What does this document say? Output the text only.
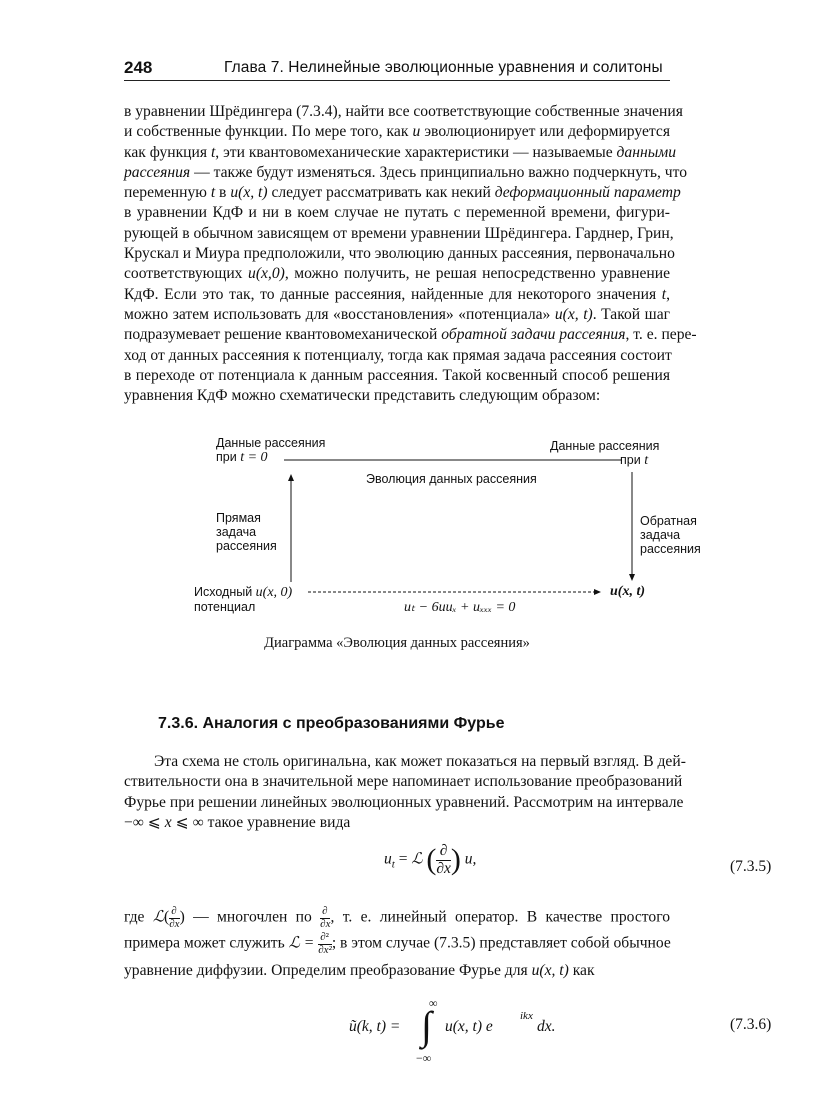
248	Глава 7. Нелинейные эволюционные уравнения и солитоны
в уравнении Шрёдингера (7.3.4), найти все соответствующие собственные значения
и собственные функции. По мере того, как u эволюционирует или деформируется
как функция t, эти квантовомеханические характеристики — называемые данными
рассеяния — также будут изменяться. Здесь принципиально важно подчеркнуть, что
переменную t в u(x, t) следует рассматривать как некий деформационный параметр
в уравнении КдФ и ни в коем случае не путать с переменной времени, фигури-
рующей в обычном зависящем от времени уравнении Шрёдингера. Гарднер, Грин,
Крускал и Миура предположили, что эволюцию данных рассеяния, первоначально
соответствующих u(x,0), можно получить, не решая непосредственно уравнение
КдФ. Если это так, то данные рассеяния, найденные для некоторого значения t,
можно затем использовать для «восстановления» «потенциала» u(x, t). Такой шаг
подразумевает решение квантовомеханической обратной задачи рассеяния, т. е. пере-
ход от данных рассеяния к потенциалу, тогда как прямая задача рассеяния состоит
в переходе от потенциала к данным рассеяния. Такой косвенный способ решения
уравнения КдФ можно схематически представить следующим образом:
Данные рассеяния
при t = 0
Данные рассеяния
при t
Эволюция данных рассеяния
Прямая
задача
рассеяния
Обратная
задача
рассеяния
Исходный u(x, 0)
потенциал
u(x, t)
uₜ − 6uuₓ + uₓₓₓ = 0
Диаграмма «Эволюция данных рассеяния»
7.3.6. Аналогия с преобразованиями Фурье
Эта схема не столь оригинальна, как может показаться на первый взгляд. В дей-
ствительности она в значительной мере напоминает использование преобразований
Фурье при решении линейных эволюционных уравнений. Рассмотрим на интервале
−∞ ⩽ x ⩽ ∞ такое уравнение вида
$u_t$ = ℒ ( $\frac{\partial}{\partial x}$ ) u,	(7.3.5)
где ℒ( $\frac{\partial}{\partial x}$ ) — многочлен по $\frac{\partial}{\partial x}$ , т. е. линейный оператор. В качестве простого
примера может служить ℒ = $\frac{\text{∂²}}{\text{∂x²}}$ ; в этом случае (7.3.5) представляет собой обычное
уравнение диффузии. Определим преобразование Фурье для u(x, t) как
ũ(k, t) =
∞
∫
−∞
u(x, t) e
ikx
dx.	(7.3.6)
